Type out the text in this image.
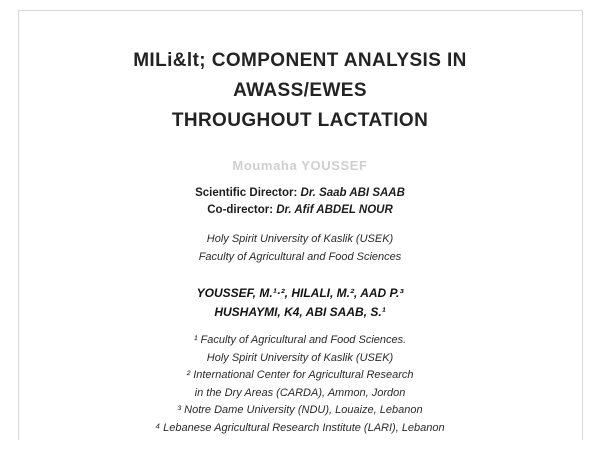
MILi&lt; COMPONENT ANALYSIS IN
AWASS/EWES
THROUGHOUT LACTATION
Moumaha YOUSSEF
Scientific Director: Dr. Saab ABI SAAB
Co-director: Dr. Afif ABDEL NOUR
Holy Spirit University of Kaslik (USEK)
Faculty of Agricultural and Food Sciences
YOUSSEF, M.¹·², HILALI, M.², AAD P.³
HUSHAYMI, K4, ABI SAAB, S.¹
¹ Faculty of Agricultural and Food Sciences.
Holy Spirit University of Kaslik (USEK)
² International Center for Agricultural Research
in the Dry Areas (CARDA), Ammon, Jordon
³ Notre Dame University (NDU), Louaize, Lebanon
⁴ Lebanese Agricultural Research Institute (LARI), Lebanon
